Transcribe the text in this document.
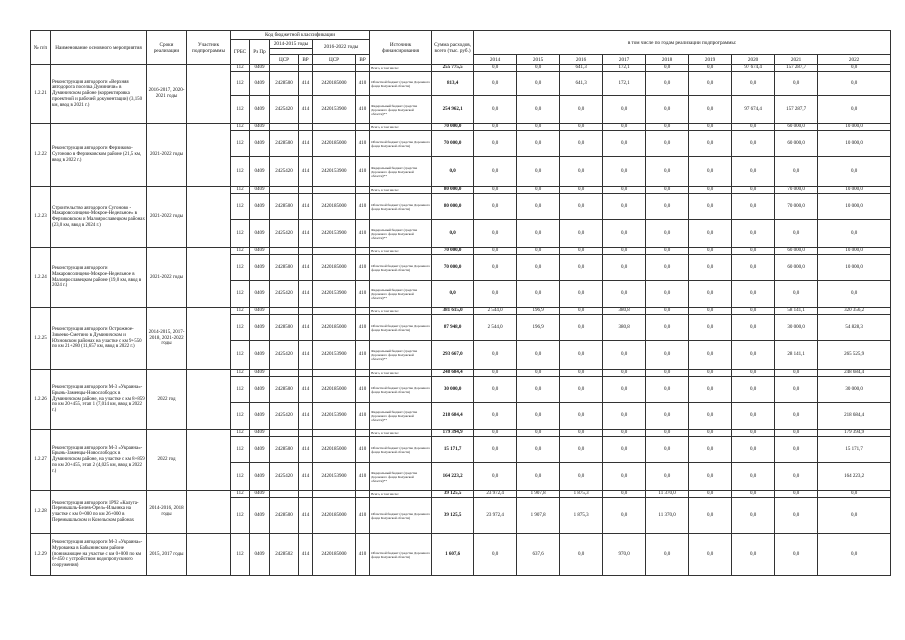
№ п/п	Наименование основного мероприятия	Сроки реализации	Участник подпрограммы	Код бюджетной классификации						Источник финансирования	Сумма расходов, всего (тыс. руб.)	в том числе по годам реализации подпрограммы:								
				ГРБС	Рз Пр	2014-2015 годы		2016-2022 годы												

						ЦСР	ВР	ЦСР	ВР			2014	2015	2016	2017	2018	2019	2020	2021	2022
1.2.21	Реконструкция автодороги «Верхняя автодорога поселка Думиничи» в Думиничском районе (корректировка проектной и рабочей документации) (3,150 км, ввод в 2021 г.)	2016-2017, 2020-2021 годы		112	0409					Всего, в том числе:	255 775,5	0,0	0,0	641,3	172,1	0,0	0,0	97 674,4	157 287,7	0,0
				112	0409	2428500	414	2420185000	410	Областной бюджет (средства Дорожного фонда Калужской области)	813,4	0,0	0,0	641,3	172,1	0,0	0,0	0,0	0,0	0,0
				112	0409	2425420	414	2420153900	410	Федеральный бюджет (средства Дорожного фонда Калужской области)**	254 962,1	0,0	0,0	0,0	0,0	0,0	0,0	97 674,4	157 287,7	0,0
1.2.22	Реконструкция автодороги Ферзиково-Сугоново в Ферзиковском районе (21,5 км, ввод в 2022 г.)	2021-2022 годы		112	0409					Всего, в том числе:	70 000,0	0,0	0,0	0,0	0,0	0,0	0,0	0,0	60 000,0	10 000,0
				112	0409	2428500	414	2420185000	410	Областной бюджет (средства Дорожного фонда Калужской области)	70 000,0	0,0	0,0	0,0	0,0	0,0	0,0	0,0	60 000,0	10 000,0
				112	0409	2425420	414	2420153900	410	Федеральный бюджет (средства Дорожного фонда Калужской области)**	0,0	0,0	0,0	0,0	0,0	0,0	0,0	0,0	0,0	0,0
1.2.23	Строительство автодороги Сугоново - Макаровсолнцево-Мокрое-Недельное» в Ферзиковском и Малоярославецком районах (23,0 км, ввод в 2024 г.)	2021-2022 годы		112	0409					Всего, в том числе:	80 000,0	0,0	0,0	0,0	0,0	0,0	0,0	0,0	70 000,0	10 000,0
				112	0409	2428500	414	2420185000	410	Областной бюджет (средства Дорожного фонда Калужской области)	80 000,0	0,0	0,0	0,0	0,0	0,0	0,0	0,0	70 000,0	10 000,0
				112	0409	2425420	414	2420153900	410	Федеральный бюджет (средства Дорожного фонда Калужской области)**	0,0	0,0	0,0	0,0	0,0	0,0	0,0	0,0	0,0	0,0
1.2.24	Реконструкция автодороги Макаровсолнцево-Мокрое-Недельное в Малоярославецком районе (19,0 км, ввод в 2024 г.)	2021-2022 годы		112	0409					Всего, в том числе:	70 000,0	0,0	0,0	0,0	0,0	0,0	0,0	0,0	60 000,0	10 000,0
				112	0409	2428500	414	2420185000	410	Областной бюджет (средства Дорожного фонда Калужской области)	70 000,0	0,0	0,0	0,0	0,0	0,0	0,0	0,0	60 000,0	10 000,0
				112	0409	2425420	414	2420153900	410	Федеральный бюджет (средства Дорожного фонда Калужской области)**	0,0	0,0	0,0	0,0	0,0	0,0	0,0	0,0	0,0	0,0
1.2.25	Реконструкция автодороги Острожное-Зикеево-Сметино в Думиничском и Юхновском районах на участке с км 9+550 по км 21+280 (11,657 км, ввод в 2022 г.)	2014-2015, 2017-2018, 2021-2022 годы		112	0409					Всего, в том числе:	381 615,0	2 544,0	196,9	0,0	380,8	0,0	0,0	0,0	58 141,1	320 356,2
				112	0409	2428500	414	2420185000	410	Областной бюджет (средства Дорожного фонда Калужской области)	87 948,0	2 544,0	196,9	0,0	380,8	0,0	0,0	0,0	30 000,0	54 828,3
				112	0409	2425420	414	2420153900	410	Федеральный бюджет (средства Дорожного фонда Калужской области)**	293 667,0	0,0	0,0	0,0	0,0	0,0	0,0	0,0	28 141,1	265 525,9
1.2.26	Реконструкция автодороги М-3 «Украина»-Брынь-Заменцы-Новослободск в Думиничском районе, на участке с км 8+859 по км 20+455, этап 1 (7,014 км, ввод в 2022 г.)	2022 год		112	0409					Всего, в том числе:	248 684,4	0,0	0,0	0,0	0,0	0,0	0,0	0,0	0,0	248 684,4
				112	0409	2428500	414	2420185000	410	Областной бюджет (средства Дорожного фонда Калужской области)	30 000,0	0,0	0,0	0,0	0,0	0,0	0,0	0,0	0,0	30 000,0
				112	0409	2425420	414	2420153900	410	Федеральный бюджет (средства Дорожного фонда Калужской области)**	218 684,4	0,0	0,0	0,0	0,0	0,0	0,0	0,0	0,0	218 684,4
1.2.27	Реконструкция автодороги М-3 «Украина»-Брынь-Заменцы-Новослободск в Думиничском районе, на участке с км 8+859 по км 20+455, этап 2 (4,025 км, ввод в 2022 г.)	2022 год		112	0409					Всего, в том числе:	179 394,9	0,0	0,0	0,0	0,0	0,0	0,0	0,0	0,0	179 394,9
				112	0409	2428500	414	2420185000	410	Областной бюджет (средства Дорожного фонда Калужской области)	15 171,7	0,0	0,0	0,0	0,0	0,0	0,0	0,0	0,0	15 171,7
				112	0409	2425420	414	2420153900	410	Федеральный бюджет (средства Дорожного фонда Калужской области)**	164 223,2	0,0	0,0	0,0	0,0	0,0	0,0	0,0	0,0	164 223,2
1.2.28	Реконструкция автодороги 1Р92 «Калуга-Перемышль-Белев-Орел»-Ильинка на участке с км 0+000 по км 26+000 в Перемышльском и Козельском районах	2014-2016, 2018 годы		112	0409					Всего, в том числе:	39 125,5	23 972,4	1 907,8	1 875,3	0,0	11 370,0	0,0	0,0	0,0	0,0
				112	0409	2428500	414	2420185000	410	Областной бюджет (средства Дорожного фонда Калужской области)	39 125,5	23 972,4	1 907,8	1 875,3	0,0	11 370,0	0,0	0,0	0,0	0,0
1.2.29	Реконструкция автодороги М-3 «Украина»-Мурованка в Бабынинском районе (понижающее на участке с км 0+000 по км 6+450 с устройством водопропускного сооружения)	2015, 2017 годы		112	0409	2428502	414	2420185000	410	Областной бюджет (средства Дорожного фонда Калужской области)	1 607,6	0,0	637,6	0,0	970,0	0,0	0,0	0,0	0,0	0,0
